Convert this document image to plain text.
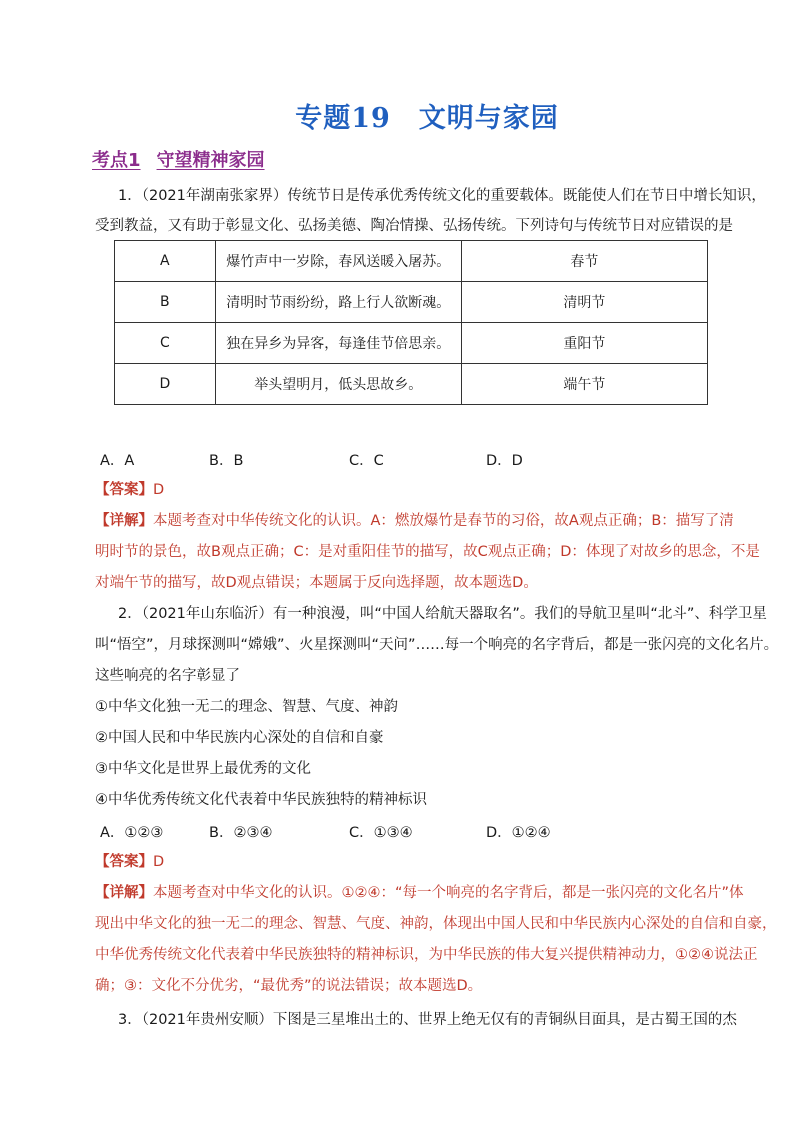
专题19　文明与家园
考点1 守望精神家园
1．（2021年湖南张家界）传统节日是传承优秀传统文化的重要载体。既能使人们在节日中增长知识，
受到教益，又有助于彰显文化、弘扬美德、陶冶情操、弘扬传统。下列诗句与传统节日对应错误的是
A	爆竹声中一岁除，春风送暖入屠苏。	春节
B	清明时节雨纷纷，路上行人欲断魂。	清明节
C	独在异乡为异客，每逢佳节倍思亲。	重阳节
D	举头望明月，低头思故乡。	端午节
A．A	B．B	C．C	D．D
【答案】D
【详解】本题考查对中华传统文化的认识。A：燃放爆竹是春节的习俗，故A观点正确；B：描写了清
明时节的景色，故B观点正确；C：是对重阳佳节的描写，故C观点正确；D：体现了对故乡的思念，不是
对端午节的描写，故D观点错误；本题属于反向选择题，故本题选D。
2．（2021年山东临沂）有一种浪漫，叫“中国人给航天器取名”。我们的导航卫星叫“北斗”、科学卫星
叫“悟空”，月球探测叫“嫦娥”、火星探测叫“天问”……每一个响亮的名字背后，都是一张闪亮的文化名片。
这些响亮的名字彰显了
①中华文化独一无二的理念、智慧、气度、神韵
②中国人民和中华民族内心深处的自信和自豪
③中华文化是世界上最优秀的文化
④中华优秀传统文化代表着中华民族独特的精神标识
A．①②③	B．②③④	C．①③④	D．①②④
【答案】D
【详解】本题考查对中华文化的认识。①②④：“每一个响亮的名字背后，都是一张闪亮的文化名片”体
现出中华文化的独一无二的理念、智慧、气度、神韵，体现出中国人民和中华民族内心深处的自信和自豪，
中华优秀传统文化代表着中华民族独特的精神标识，为中华民族的伟大复兴提供精神动力，①②④说法正
确；③：文化不分优劣，“最优秀”的说法错误；故本题选D。
3．（2021年贵州安顺）下图是三星堆出土的、世界上绝无仅有的青铜纵目面具，是古蜀王国的杰
